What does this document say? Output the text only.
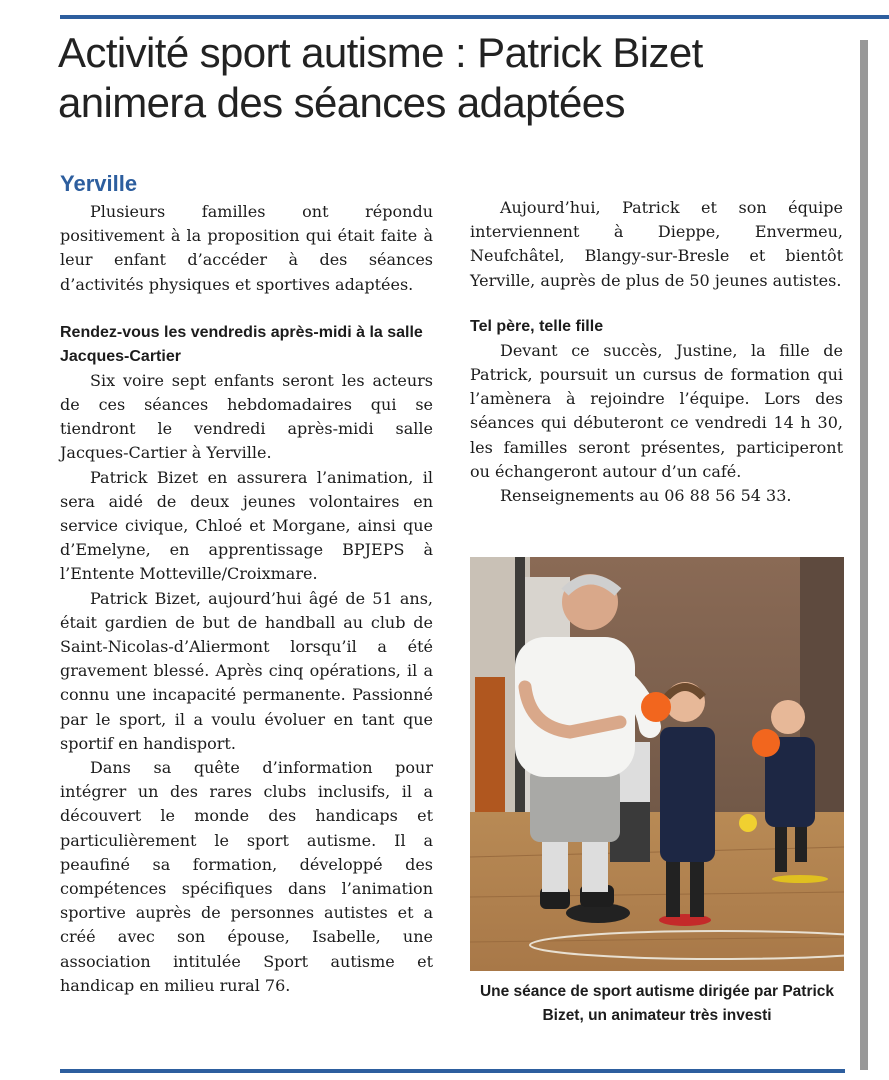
Activité sport autisme : Patrick Bizet animera des séances adaptées
Yerville

Plusieurs familles ont répondu positivement à la proposition qui était faite à leur enfant d’accéder à des séances d’activités physiques et sportives adaptées.

Rendez-vous les vendredis après-midi à la salle Jacques-Cartier

Six voire sept enfants seront les acteurs de ces séances hebdomadaires qui se tiendront le vendredi après-midi salle Jacques-Cartier à Yerville.

Patrick Bizet en assurera l’animation, il sera aidé de deux jeunes volontaires en service civique, Chloé et Morgane, ainsi que d’Emelyne, en apprentissage BPJEPS à l’Entente Motteville/Croixmare.

Patrick Bizet, aujourd’hui âgé de 51 ans, était gardien de but de handball au club de Saint-Nicolas-d’Aliermont lorsqu’il a été gravement blessé. Après cinq opérations, il a connu une incapacité permanente. Passionné par le sport, il a voulu évoluer en tant que sportif en handisport.

Dans sa quête d’information pour intégrer un des rares clubs inclusifs, il a découvert le monde des handicaps et particulièrement le sport autisme. Il a peaufiné sa formation, développé des compétences spécifiques dans l’animation sportive auprès de personnes autistes et a créé avec son épouse, Isabelle, une association intitulée Sport autisme et handicap en milieu rural 76.

Aujourd’hui, Patrick et son équipe interviennent à Dieppe, Envermeu, Neufchâtel, Blangy-sur-Bresle et bientôt Yerville, auprès de plus de 50 jeunes autistes.

Tel père, telle fille

Devant ce succès, Justine, la fille de Patrick, poursuit un cursus de formation qui l’amènera à rejoindre l’équipe. Lors des séances qui débuteront ce vendredi 14 h 30, les familles seront présentes, participeront ou échangeront autour d’un café.

Renseignements au 06 88 56 54 33.

Une séance de sport autisme dirigée par Patrick Bizet, un animateur très investi
